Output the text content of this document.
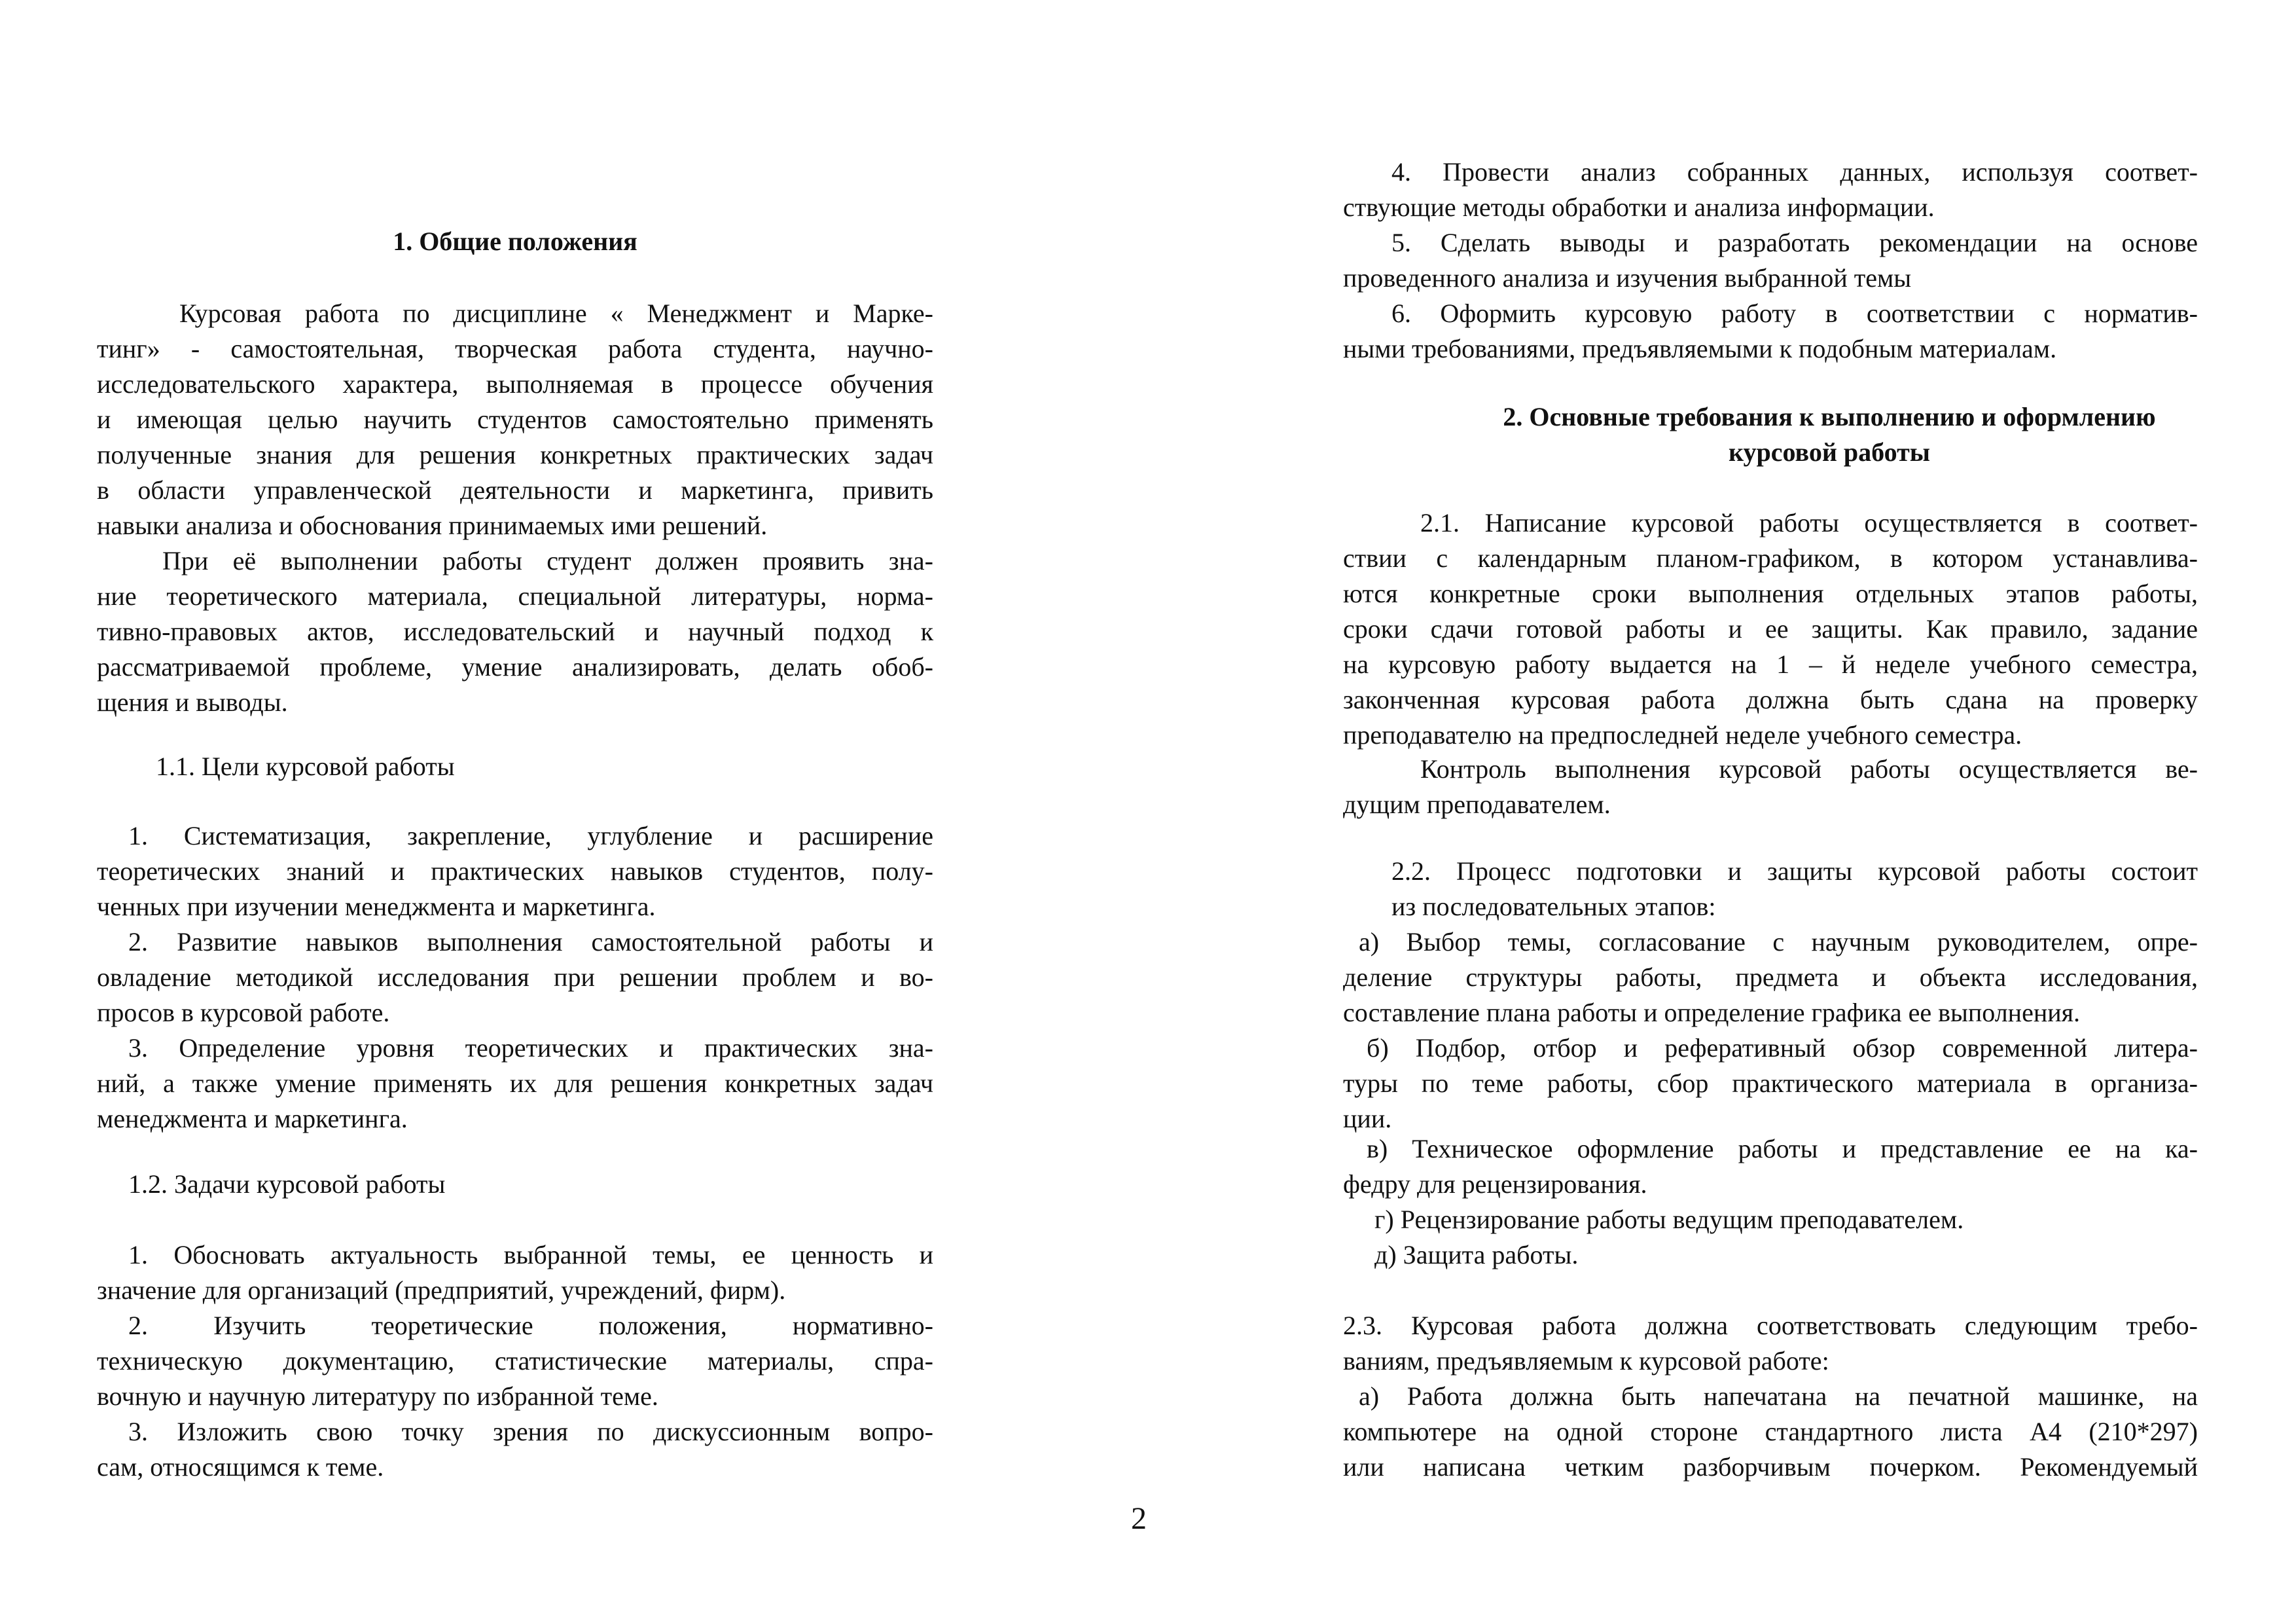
1. Общие положения

Курсовая работа по дисциплине « Менеджмент и Марке-
тинг» - самостоятельная, творческая работа студента, научно-
исследовательского характера, выполняемая в процессе обучения
и имеющая целью научить студентов самостоятельно применять
полученные знания для решения конкретных практических задач
в области управленческой деятельности и маркетинга, привить
навыки анализа и обоснования принимаемых ими решений.
При её выполнении работы студент должен проявить зна-
ние теоретического материала, специальной литературы, норма-
тивно-правовых актов, исследовательский и научный подход к
рассматриваемой проблеме, умение анализировать, делать обоб-
щения и выводы.

1.1. Цели курсовой работы

1. Систематизация, закрепление, углубление и расширение
теоретических знаний и практических навыков студентов, полу-
ченных при изучении менеджмента и маркетинга.
2. Развитие навыков выполнения самостоятельной работы и
овладение методикой исследования при решении проблем и во-
просов в курсовой работе.
3. Определение уровня теоретических и практических зна-
ний, а также умение применять их для решения конкретных задач
менеджмента и маркетинга.

1.2. Задачи курсовой работы

1. Обосновать актуальность выбранной темы, ее ценность и
значение для организаций (предприятий, учреждений, фирм).
2. Изучить теоретические положения, нормативно-
техническую документацию, статистические материалы, спра-
вочную и научную литературу по избранной теме.
3. Изложить свою точку зрения по дискуссионным вопро-
сам, относящимся к теме.
2
4. Провести анализ собранных данных, используя соответ-
ствующие методы обработки и анализа информации.
5. Сделать выводы и разработать рекомендации на основе
проведенного анализа и изучения выбранной темы
6. Оформить курсовую работу в соответствии с норматив-
ными требованиями, предъявляемыми к подобным материалам.
2. Основные требования к выполнению и оформлению
курсовой работы
2.1. Написание курсовой работы осуществляется в соответ-
ствии с календарным планом-графиком, в котором устанавлива-
ются конкретные сроки выполнения отдельных этапов работы,
сроки сдачи готовой работы и ее защиты. Как правило, задание
на курсовую работу выдается на 1 – й неделе учебного семестра,
законченная курсовая работа должна быть сдана на проверку
преподавателю на предпоследней неделе учебного семестра.
Контроль выполнения курсовой работы осуществляется ве-
дущим преподавателем.
2.2. Процесс подготовки и защиты курсовой работы состоит
из последовательных этапов:
а) Выбор темы, согласование с научным руководителем, опре-
деление структуры работы, предмета и объекта исследования,
составление плана работы и определение графика ее выполнения.
б) Подбор, отбор и реферативный обзор современной литера-
туры по теме работы, сбор практического материала в организа-
ции.
в) Техническое оформление работы и представление ее на ка-
федру для рецензирования.

г) Рецензирование работы ведущим преподавателем.

д) Защита работы.

2.3. Курсовая работа должна соответствовать следующим требо-
ваниям, предъявляемым к курсовой работе:
а) Работа должна быть напечатана на печатной машинке, на
компьютере на одной стороне стандартного листа А4 (210*297)
или написана четким разборчивым почерком. Рекомендуемый
